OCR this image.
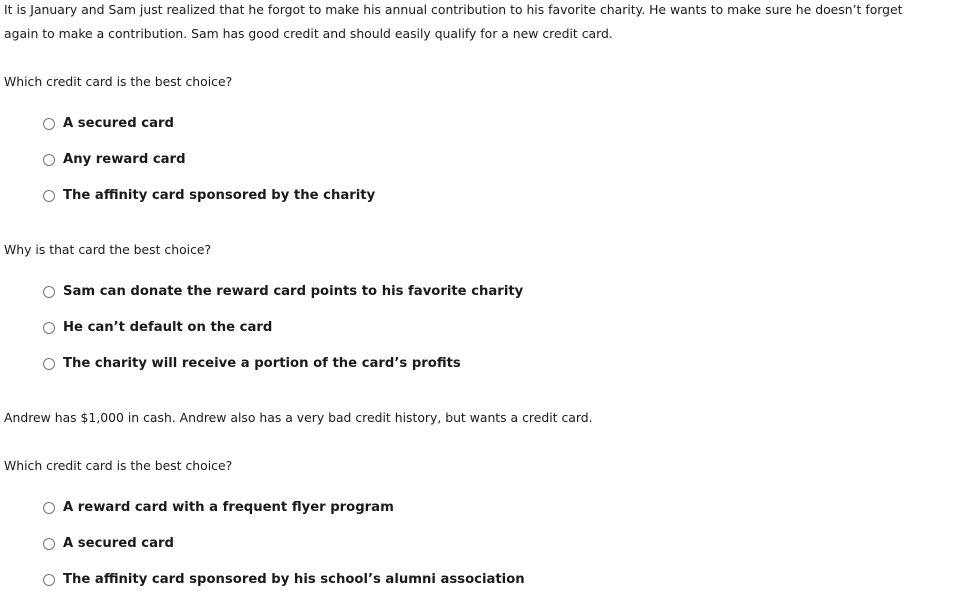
It is January and Sam just realized that he forgot to make his annual contribution to his favorite charity. He wants to make sure he doesn’t forget
again to make a contribution. Sam has good credit and should easily qualify for a new credit card.
Which credit card is the best choice?
A secured card
Any reward card
The affinity card sponsored by the charity
Why is that card the best choice?
Sam can donate the reward card points to his favorite charity
He can’t default on the card
The charity will receive a portion of the card’s profits
Andrew has $1,000 in cash. Andrew also has a very bad credit history, but wants a credit card.
Which credit card is the best choice?
A reward card with a frequent flyer program
A secured card
The affinity card sponsored by his school’s alumni association
